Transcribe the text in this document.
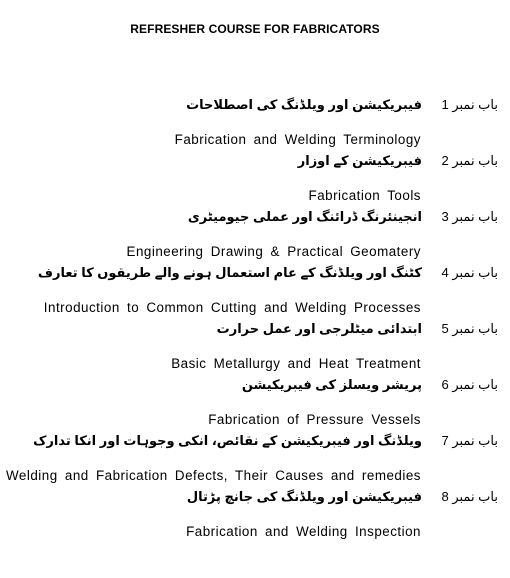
REFRESHER COURSE FOR FABRICATORS
باب نمبر 1
فیبریکیشن اور ویلڈنگ کی اصطلاحات
Fabrication and Welding Terminology
باب نمبر 2
فیبریکیشن کے اوزار
Fabrication Tools
باب نمبر 3
انجینئرنگ ڈرائنگ اور عملی جیومیٹری
Engineering Drawing & Practical Geomatery
باب نمبر 4
کٹنگ اور ویلڈنگ کے عام استعمال ہونے والے طریقوں کا تعارف
Introduction to Common Cutting and Welding Processes
باب نمبر 5
ابتدائی میٹلرجی اور عمل حرارت
Basic Metallurgy and Heat Treatment
باب نمبر 6
پریشر ویسلز کی فیبریکیشن
Fabrication of Pressure Vessels
باب نمبر 7
ویلڈنگ اور فیبریکیشن کے نقائص، انکی وجوہات اور انکا تدارک
Welding and Fabrication Defects, Their Causes and remedies
باب نمبر 8
فیبریکیشن اور ویلڈنگ کی جانچ پڑتال
Fabrication and Welding Inspection
